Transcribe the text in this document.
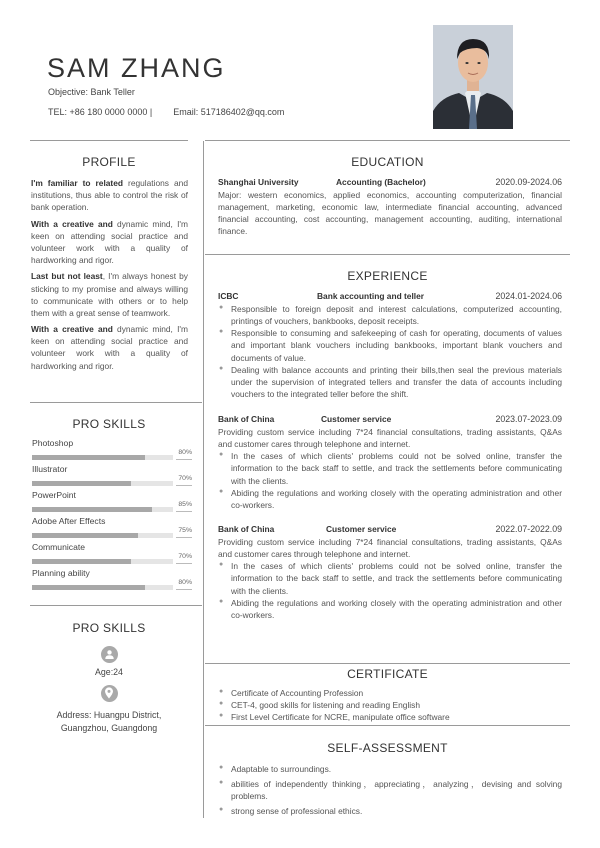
SAM ZHANG
Objective: Bank Teller
TEL: +86 180 0000 0000 | Email: 517186402@qq.com
PROFILE

I'm familiar to related regulations and institutions, thus able to control the risk of bank operation.

With a creative and dynamic mind, I'm keen on attending social practice and volunteer work with a quality of hardworking and rigor.

Last but not least, I'm always honest by sticking to my promise and always willing to communicate with others or to help them with a great sense of teamwork.

With a creative and dynamic mind, I'm keen on attending social practice and volunteer work with a quality of hardworking and rigor.

PRO SKILLS
Photoshop
80%
Illustrator
70%
PowerPoint
85%
Adobe After Effects
75%
Communicate
70%
Planning ability
80%
PRO SKILLS
Age:24
Address: Huangpu District, Guangzhou, Guangdong
EDUCATION
Shanghai University	Accounting (Bachelor)	2020.09-2024.06

Major: western economics, applied economics, accounting computerization, financial management, marketing, economic law, intermediate financial accounting, advanced financial accounting, cost accounting, management accounting, auditing, international finance.

EXPERIENCE
ICBC	Bank accounting and teller	2024.01-2024.06
● Responsible to foreign deposit and interest calculations, computerized accounting, printings of vouchers, bankbooks, deposit receipts.
● Responsible to consuming and safekeeping of cash for operating, documents of values and important blank vouchers including bankbooks, important blank vouchers and documents of value.
● Dealing with balance accounts and printing their bills,then seal the previous materials under the supervision of integrated tellers and transfer the data of accounts including vouchers to the integrated teller before the shift.
Bank of China	Customer service	2023.07-2023.09

Providing custom service including 7*24 financial consultations, trading assistants, Q&As and customer cares through telephone and internet.

● In the cases of which clients' problems could not be solved online, transfer the information to the back staff to settle, and track the settlements before communicating with the clients.
● Abiding the regulations and working closely with the operating administration and other co-workers.
Bank of China	Customer service	2022.07-2022.09

Providing custom service including 7*24 financial consultations, trading assistants, Q&As and customer cares through telephone and internet.

● In the cases of which clients' problems could not be solved online, transfer the information to the back staff to settle, and track the settlements before communicating with the clients.
● Abiding the regulations and working closely with the operating administration and other co-workers.
CERTIFICATE
● Certificate of Accounting Profession
● CET-4, good skills for listening and reading English
● First Level Certificate for NCRE, manipulate office software
SELF-ASSESSMENT
● Adaptable to surroundings.
● abilities of independently thinking，appreciating，analyzing，devising and solving problems.
● strong sense of professional ethics.
